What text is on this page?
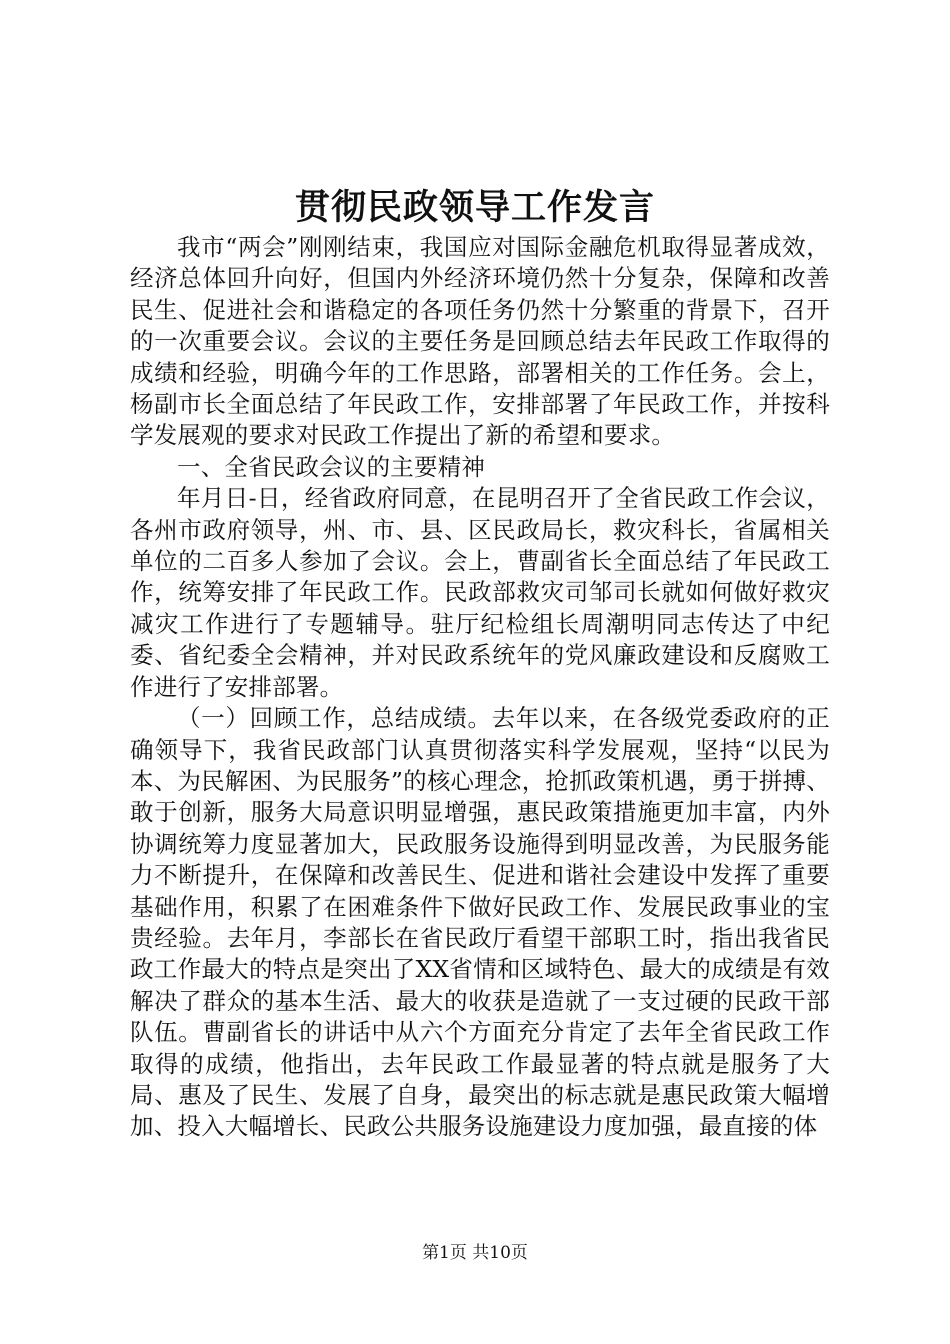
贯彻民政领导工作发言

我市“两会”刚刚结束，我国应对国际金融危机取得显著成效，经济总体回升向好，但国内外经济环境仍然十分复杂，保障和改善民生、促进社会和谐稳定的各项任务仍然十分繁重的背景下，召开的一次重要会议。会议的主要任务是回顾总结去年民政工作取得的成绩和经验，明确今年的工作思路，部署相关的工作任务。会上，杨副市长全面总结了年民政工作，安排部署了年民政工作，并按科学发展观的要求对民政工作提出了新的希望和要求。

一、全省民政会议的主要精神

年月日-日，经省政府同意，在昆明召开了全省民政工作会议，各州市政府领导，州、市、县、区民政局长，救灾科长，省属相关单位的二百多人参加了会议。会上，曹副省长全面总结了年民政工作，统筹安排了年民政工作。民政部救灾司邹司长就如何做好救灾减灾工作进行了专题辅导。驻厅纪检组长周潮明同志传达了中纪委、省纪委全会精神，并对民政系统年的党风廉政建设和反腐败工作进行了安排部署。

（一）回顾工作，总结成绩。去年以来，在各级党委政府的正确领导下，我省民政部门认真贯彻落实科学发展观，坚持“以民为本、为民解困、为民服务”的核心理念，抢抓政策机遇，勇于拼搏、敢于创新，服务大局意识明显增强，惠民政策措施更加丰富，内外协调统筹力度显著加大，民政服务设施得到明显改善，为民服务能力不断提升，在保障和改善民生、促进和谐社会建设中发挥了重要基础作用，积累了在困难条件下做好民政工作、发展民政事业的宝贵经验。去年月，李部长在省民政厅看望干部职工时，指出我省民政工作最大的特点是突出了XX省情和区域特色、最大的成绩是有效解决了群众的基本生活、最大的收获是造就了一支过硬的民政干部队伍。曹副省长的讲话中从六个方面充分肯定了去年全省民政工作取得的成绩，他指出，去年民政工作最显著的特点就是服务了大局、惠及了民生、发展了自身，最突出的标志就是惠民政策大幅增加、投入大幅增长、民政公共服务设施建设力度加强，最直接的体

第1页 共10页
